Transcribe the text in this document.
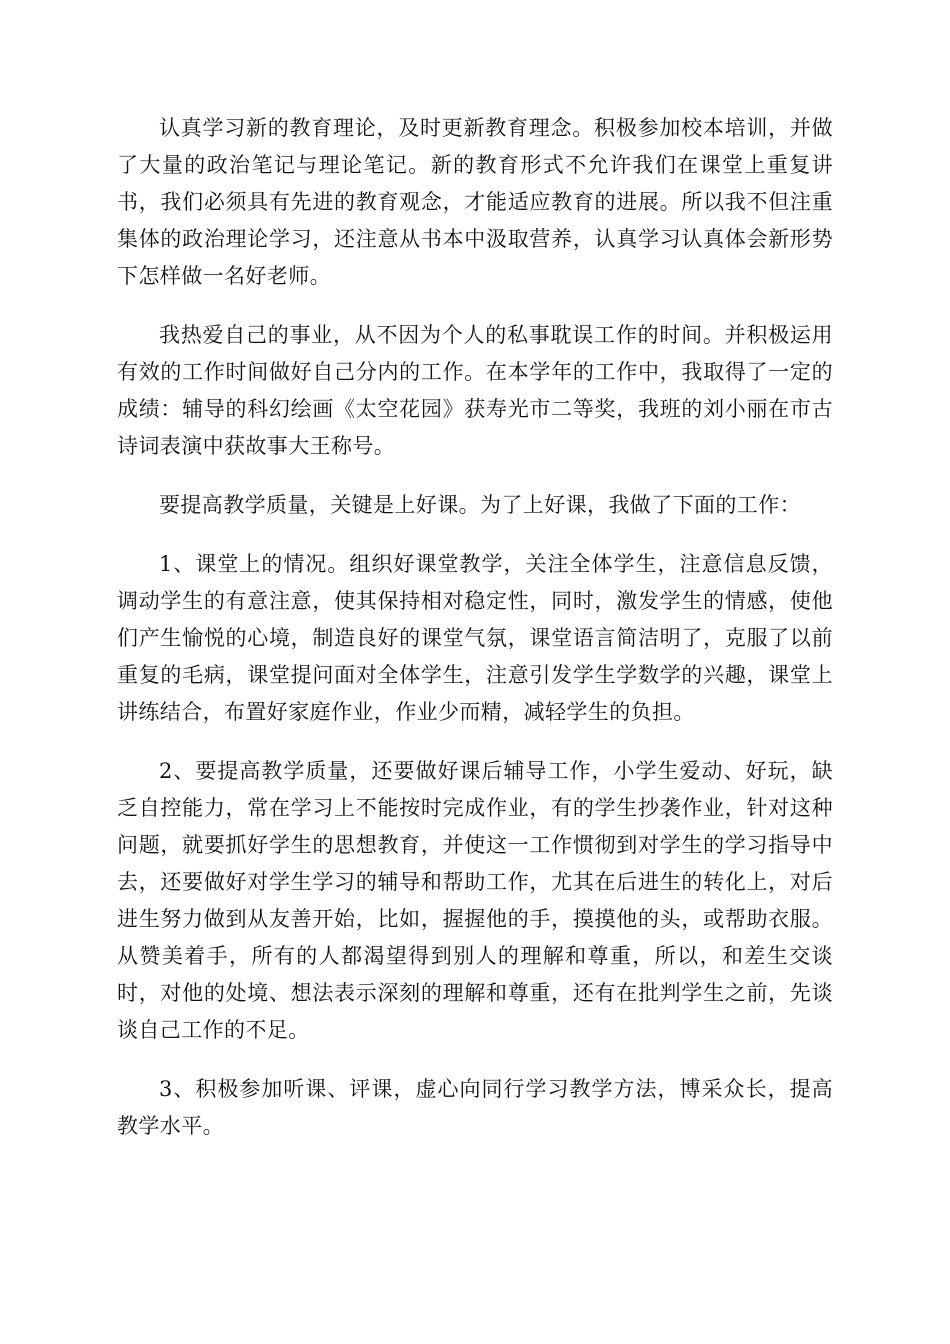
认真学习新的教育理论，及时更新教育理念。积极参加校本培训，并做了大量的政治笔记与理论笔记。新的教育形式不允许我们在课堂上重复讲书，我们必须具有先进的教育观念，才能适应教育的进展。所以我不但注重集体的政治理论学习，还注意从书本中汲取营养，认真学习认真体会新形势下怎样做一名好老师。

我热爱自己的事业，从不因为个人的私事耽误工作的时间。并积极运用有效的工作时间做好自己分内的工作。在本学年的工作中，我取得了一定的成绩：辅导的科幻绘画《太空花园》获寿光市二等奖，我班的刘小丽在市古诗词表演中获故事大王称号。

要提高教学质量，关键是上好课。为了上好课，我做了下面的工作：

1、课堂上的情况。组织好课堂教学，关注全体学生，注意信息反馈，调动学生的有意注意，使其保持相对稳定性，同时，激发学生的情感，使他们产生愉悦的心境，制造良好的课堂气氛，课堂语言简洁明了，克服了以前重复的毛病，课堂提问面对全体学生，注意引发学生学数学的兴趣，课堂上讲练结合，布置好家庭作业，作业少而精，减轻学生的负担。

2、要提高教学质量，还要做好课后辅导工作，小学生爱动、好玩，缺乏自控能力，常在学习上不能按时完成作业，有的学生抄袭作业，针对这种问题，就要抓好学生的思想教育，并使这一工作惯彻到对学生的学习指导中去，还要做好对学生学习的辅导和帮助工作，尤其在后进生的转化上，对后进生努力做到从友善开始，比如，握握他的手，摸摸他的头，或帮助衣服。从赞美着手，所有的人都渴望得到别人的理解和尊重，所以，和差生交谈时，对他的处境、想法表示深刻的理解和尊重，还有在批判学生之前，先谈谈自己工作的不足。

3、积极参加听课、评课，虚心向同行学习教学方法，博采众长，提高教学水平。
